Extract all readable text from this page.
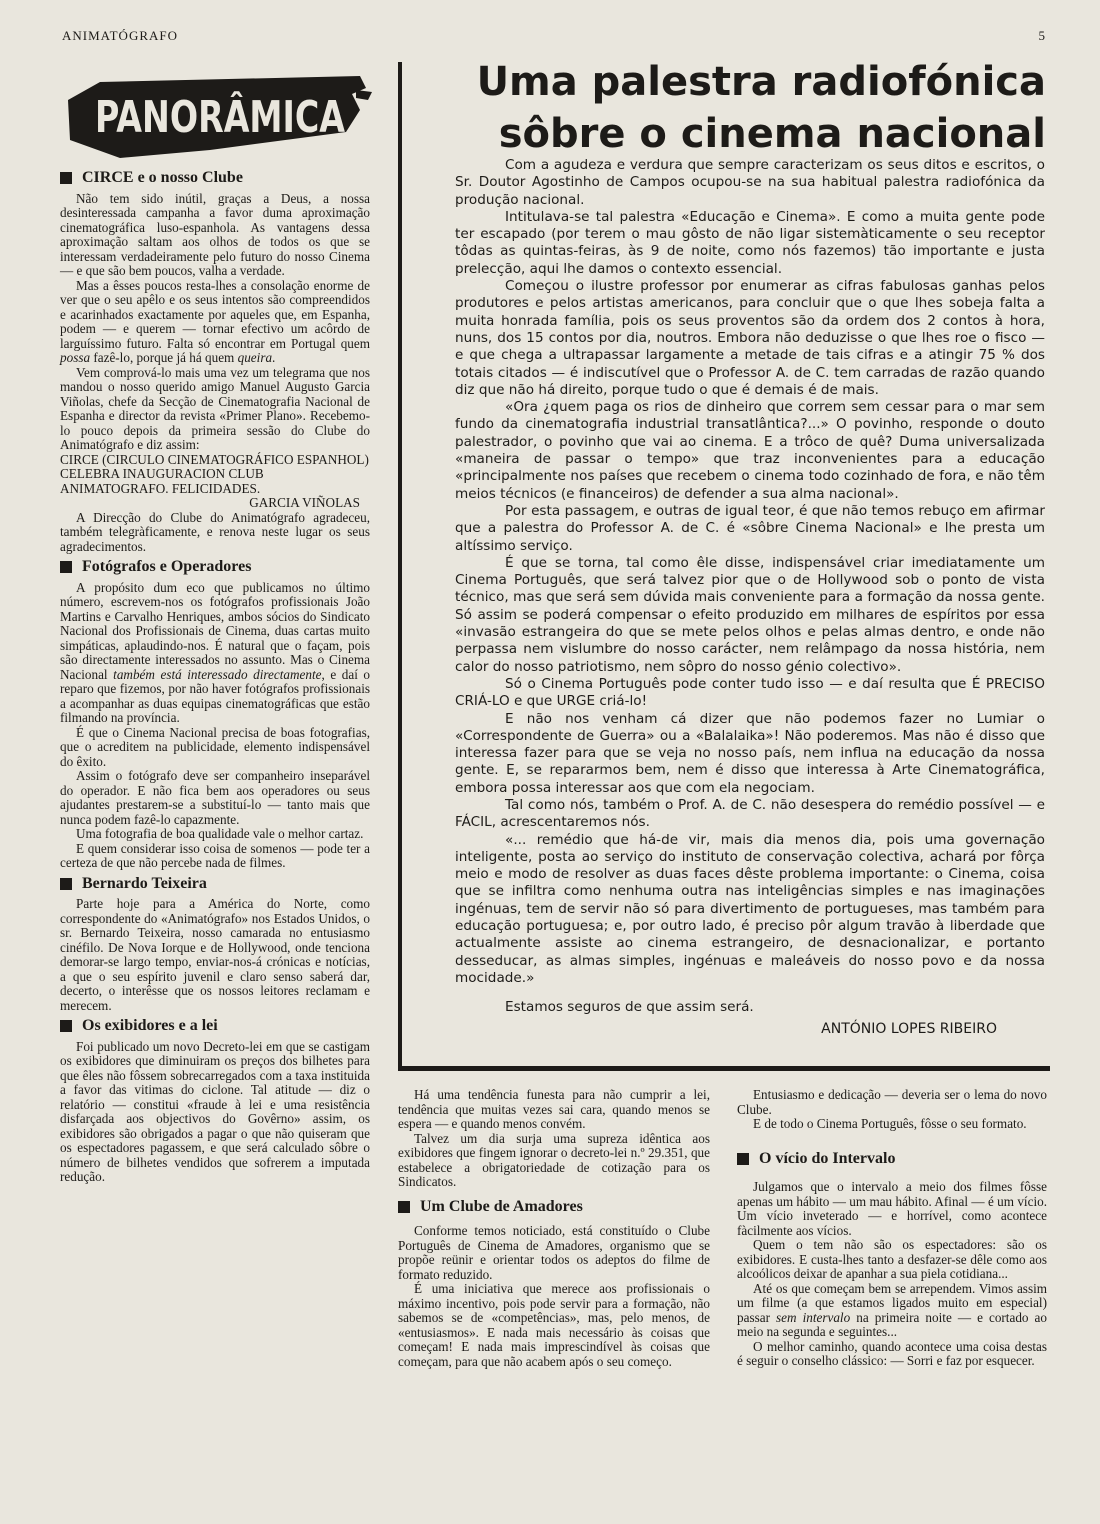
ANIMATÓGRAFO	5
PANORÂMICA
CIRCE e o nosso Clube

Não tem sido inútil, graças a Deus, a nossa desinteressada campanha a favor duma aproximação cinematográfica luso-espanhola. As vantagens dessa aproximação saltam aos olhos de todos os que se interessam verdadeiramente pelo futuro do nosso Cinema — e que são bem poucos, valha a verdade.

Mas a êsses poucos resta-lhes a consolação enorme de ver que o seu apêlo e os seus intentos são compreendidos e acarinhados exactamente por aqueles que, em Espanha, podem — e querem — tornar efectivo um acôrdo de larguíssimo futuro. Falta só encontrar em Portugal quem possa fazê-lo, porque já há quem queira.

Vem comprová-lo mais uma vez um telegrama que nos mandou o nosso querido amigo Manuel Augusto Garcia Viñolas, chefe da Secção de Cinematografia Nacional de Espanha e director da revista «Primer Plano». Recebemo-lo pouco depois da primeira sessão do Clube do Animatógrafo e diz assim:

CIRCE (CIRCULO CINEMATOGRÁFICO ESPANHOL) CELEBRA INAUGURACION CLUB ANIMATOGRAFO. FELICIDADES.

GARCIA VIÑOLAS

A Direcção do Clube do Animatógrafo agradeceu, também telegràficamente, e renova neste lugar os seus agradecimentos.

Fotógrafos e Operadores

A propósito dum eco que publicamos no último número, escrevem-nos os fotógrafos profissionais João Martins e Carvalho Henriques, ambos sócios do Sindicato Nacional dos Profissionais de Cinema, duas cartas muito simpáticas, aplaudindo-nos. É natural que o façam, pois são directamente interessados no assunto. Mas o Cinema Nacional também está interessado directamente, e daí o reparo que fizemos, por não haver fotógrafos profissionais a acompanhar as duas equipas cinematográficas que estão filmando na província.

É que o Cinema Nacional precisa de boas fotografias, que o acreditem na publicidade, elemento indispensável do êxito.

Assim o fotógrafo deve ser companheiro inseparável do operador. E não fica bem aos operadores ou seus ajudantes prestarem-se a substituí-lo — tanto mais que nunca podem fazê-lo capazmente.

Uma fotografia de boa qualidade vale o melhor cartaz.

E quem considerar isso coisa de somenos — pode ter a certeza de que não percebe nada de filmes.

Bernardo Teixeira

Parte hoje para a América do Norte, como correspondente do «Animatógrafo» nos Estados Unidos, o sr. Bernardo Teixeira, nosso camarada no entusiasmo cinéfilo. De Nova Iorque e de Hollywood, onde tenciona demorar-se largo tempo, enviar-nos-á crónicas e notícias, a que o seu espírito juvenil e claro senso saberá dar, decerto, o interêsse que os nossos leitores reclamam e merecem.

Os exibidores e a lei

Foi publicado um novo Decreto-lei em que se castigam os exibidores que diminuiram os preços dos bilhetes para que êles não fôssem sobrecarregados com a taxa instituida a favor das vitimas do ciclone. Tal atitude — diz o relatório — constitui «fraude à lei e uma resistência disfarçada aos objectivos do Govêrno» assim, os exibidores são obrigados a pagar o que não quiseram que os espectadores pagassem, e que será calculado sôbre o número de bilhetes vendidos que sofrerem a imputada redução.

Uma palestra radiofónica
sôbre o cinema nacional

Com a agudeza e verdura que sempre caracterizam os seus ditos e escritos, o Sr. Doutor Agostinho de Campos ocupou-se na sua habitual palestra radiofónica da produção nacional.

Intitulava-se tal palestra «Educação e Cinema». E como a muita gente pode ter escapado (por terem o mau gôsto de não ligar sistemàticamente o seu receptor tôdas as quintas-feiras, às 9 de noite, como nós fazemos) tão importante e justa prelecção, aqui lhe damos o contexto essencial.

Começou o ilustre professor por enumerar as cifras fabulosas ganhas pelos produtores e pelos artistas americanos, para concluir que o que lhes sobeja falta a muita honrada família, pois os seus proventos são da ordem dos 2 contos à hora, nuns, dos 15 contos por dia, noutros. Embora não deduzisse o que lhes roe o fisco — e que chega a ultrapassar largamente a metade de tais cifras e a atingir 75 % dos totais citados — é indiscutível que o Professor A. de C. tem carradas de razão quando diz que não há direito, porque tudo o que é demais é de mais.

«Ora ¿quem paga os rios de dinheiro que correm sem cessar para o mar sem fundo da cinematografia industrial transatlântica?...» O povinho, responde o douto palestrador, o povinho que vai ao cinema. E a trôco de quê? Duma universalizada «maneira de passar o tempo» que traz inconvenientes para a educação «principalmente nos países que recebem o cinema todo cozinhado de fora, e não têm meios técnicos (e financeiros) de defender a sua alma nacional».

Por esta passagem, e outras de igual teor, é que não temos rebuço em afirmar que a palestra do Professor A. de C. é «sôbre Cinema Nacional» e lhe presta um altíssimo serviço.

É que se torna, tal como êle disse, indispensável criar imediatamente um Cinema Português, que será talvez pior que o de Hollywood sob o ponto de vista técnico, mas que será sem dúvida mais conveniente para a formação da nossa gente. Só assim se poderá compensar o efeito produzido em milhares de espíritos por essa «invasão estrangeira do que se mete pelos olhos e pelas almas dentro, e onde não perpassa nem vislumbre do nosso carácter, nem relâmpago da nossa história, nem calor do nosso patriotismo, nem sôpro do nosso génio colectivo».

Só o Cinema Português pode conter tudo isso — e daí resulta que É PRECISO CRIÁ-LO e que URGE criá-lo!

E não nos venham cá dizer que não podemos fazer no Lumiar o «Correspondente de Guerra» ou a «Balalaika»! Não poderemos. Mas não é disso que interessa fazer para que se veja no nosso país, nem influa na educação da nossa gente. E, se repararmos bem, nem é disso que interessa à Arte Cinematográfica, embora possa interessar aos que com ela negociam.

Tal como nós, também o Prof. A. de C. não desespera do remédio possível — e FÁCIL, acrescentaremos nós.

«... remédio que há-de vir, mais dia menos dia, pois uma governação inteligente, posta ao serviço do instituto de conservação colectiva, achará por fôrça meio e modo de resolver as duas faces dêste problema importante: o Cinema, coisa que se infiltra como nenhuma outra nas inteligências simples e nas imaginações ingénuas, tem de servir não só para divertimento de portugueses, mas também para educação portuguesa; e, por outro lado, é preciso pôr algum travão à liberdade que actualmente assiste ao cinema estrangeiro, de desnacionalizar, e portanto desseducar, as almas simples, ingénuas e maleáveis do nosso povo e da nossa mocidade.»

Estamos seguros de que assim será.

ANTÓNIO LOPES RIBEIRO

Há uma tendência funesta para não cumprir a lei, tendência que muitas vezes sai cara, quando menos se espera — e quando menos convém.

Talvez um dia surja uma supreza idêntica aos exibidores que fingem ignorar o decreto-lei n.º 29.351, que estabelece a obrigatoriedade de cotização para os Sindicatos.

Um Clube de Amadores

Conforme temos noticiado, está constituído o Clube Português de Cinema de Amadores, organismo que se propõe reünir e orientar todos os adeptos do filme de formato reduzido.

É uma iniciativa que merece aos profissionais o máximo incentivo, pois pode servir para a formação, não sabemos se de «competências», mas, pelo menos, de «entusiasmos». E nada mais necessário às coisas que começam! E nada mais imprescindível às coisas que começam, para que não acabem após o seu começo.

Entusiasmo e dedicação — deveria ser o lema do novo Clube.

E de todo o Cinema Português, fôsse o seu formato.

O vício do Intervalo

Julgamos que o intervalo a meio dos filmes fôsse apenas um hábito — um mau hábito. Afinal — é um vício. Um vício inveterado — e horrível, como acontece fàcilmente aos vícios.

Quem o tem não são os espectadores: são os exibidores. E custa-lhes tanto a desfazer-se dêle como aos alcoólicos deixar de apanhar a sua piela cotidiana...

Até os que começam bem se arrependem. Vimos assim um filme (a que estamos ligados muito em especial) passar sem intervalo na primeira noite — e cortado ao meio na segunda e seguintes...

O melhor caminho, quando acontece uma coisa destas é seguir o conselho clássico: — Sorri e faz por esquecer.
